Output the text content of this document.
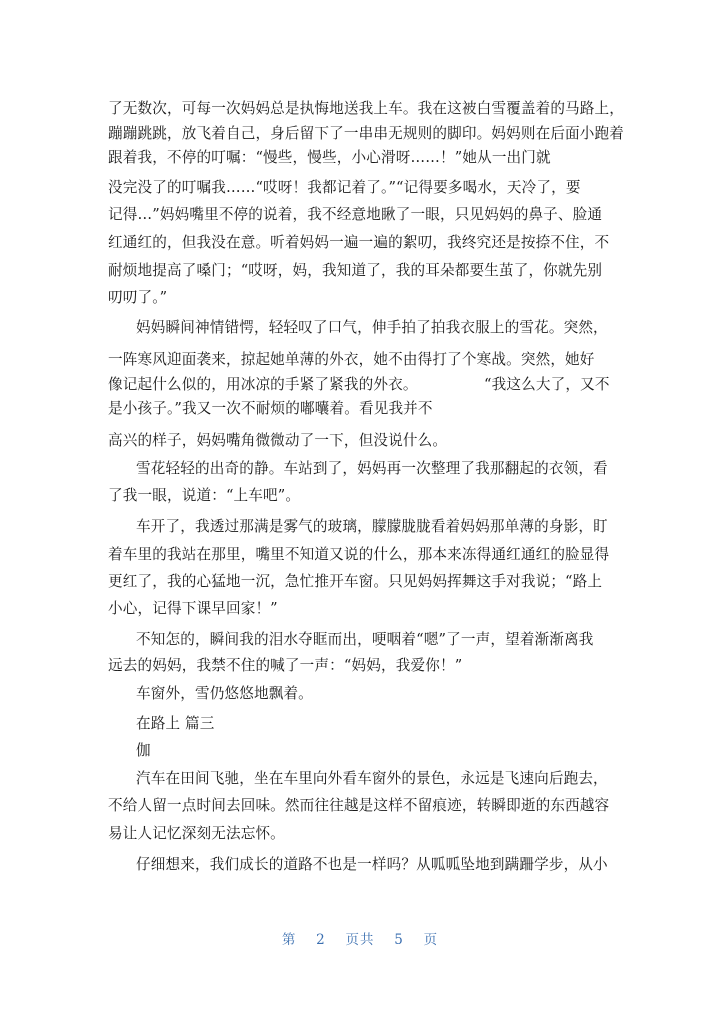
了无数次，可每一次妈妈总是执悔地送我上车。我在这被白雪覆盖着的马路上，
蹦蹦跳跳，放飞着自己，身后留下了一串串无规则的脚印。妈妈则在后面小跑着
跟着我，不停的叮嘱：“慢些，慢些，小心滑呀……！”她从一出门就
没完没了的叮嘱我……“哎呀！我都记着了。”“记得要多喝水，天冷了，要
记得…”妈妈嘴里不停的说着，我不经意地瞅了一眼，只见妈妈的鼻子、脸通
红通红的，但我没在意。听着妈妈一遍一遍的絮叨，我终究还是按捺不住，不
耐烦地提高了嗓门；“哎呀，妈，我知道了，我的耳朵都要生茧了，你就先别
叨叨了。”
妈妈瞬间神情错愕，轻轻叹了口气，伸手拍了拍我衣服上的雪花。突然，
一阵寒风迎面袭来，掠起她单薄的外衣，她不由得打了个寒战。突然，她好
像记起什么似的，用冰凉的手紧了紧我的外衣。　　　　　“我这么大了，又不
是小孩子。”我又一次不耐烦的嘟囔着。看见我并不
高兴的样子，妈妈嘴角微微动了一下，但没说什么。
雪花轻轻的出奇的静。车站到了，妈妈再一次整理了我那翻起的衣领，看
了我一眼，说道：“上车吧”。
车开了，我透过那满是雾气的玻璃，朦朦胧胧看着妈妈那单薄的身影，盯
着车里的我站在那里，嘴里不知道又说的什么，那本来冻得通红通红的脸显得
更红了，我的心猛地一沉，急忙推开车窗。只见妈妈挥舞这手对我说；“路上
小心，记得下课早回家！”
不知怎的，瞬间我的泪水夺眶而出，哽咽着“嗯”了一声，望着渐渐离我
远去的妈妈，我禁不住的喊了一声：“妈妈，我爱你！”
车窗外，雪仍悠悠地飘着。
在路上 篇三
伽
汽车在田间飞驰，坐在车里向外看车窗外的景色，永远是飞速向后跑去，
不给人留一点时间去回味。然而往往越是这样不留痕迹，转瞬即逝的东西越容
易让人记忆深刻无法忘怀。
仔细想来，我们成长的道路不也是一样吗？从呱呱坠地到蹒跚学步，从小
第　 2　 页共　 5　 页
